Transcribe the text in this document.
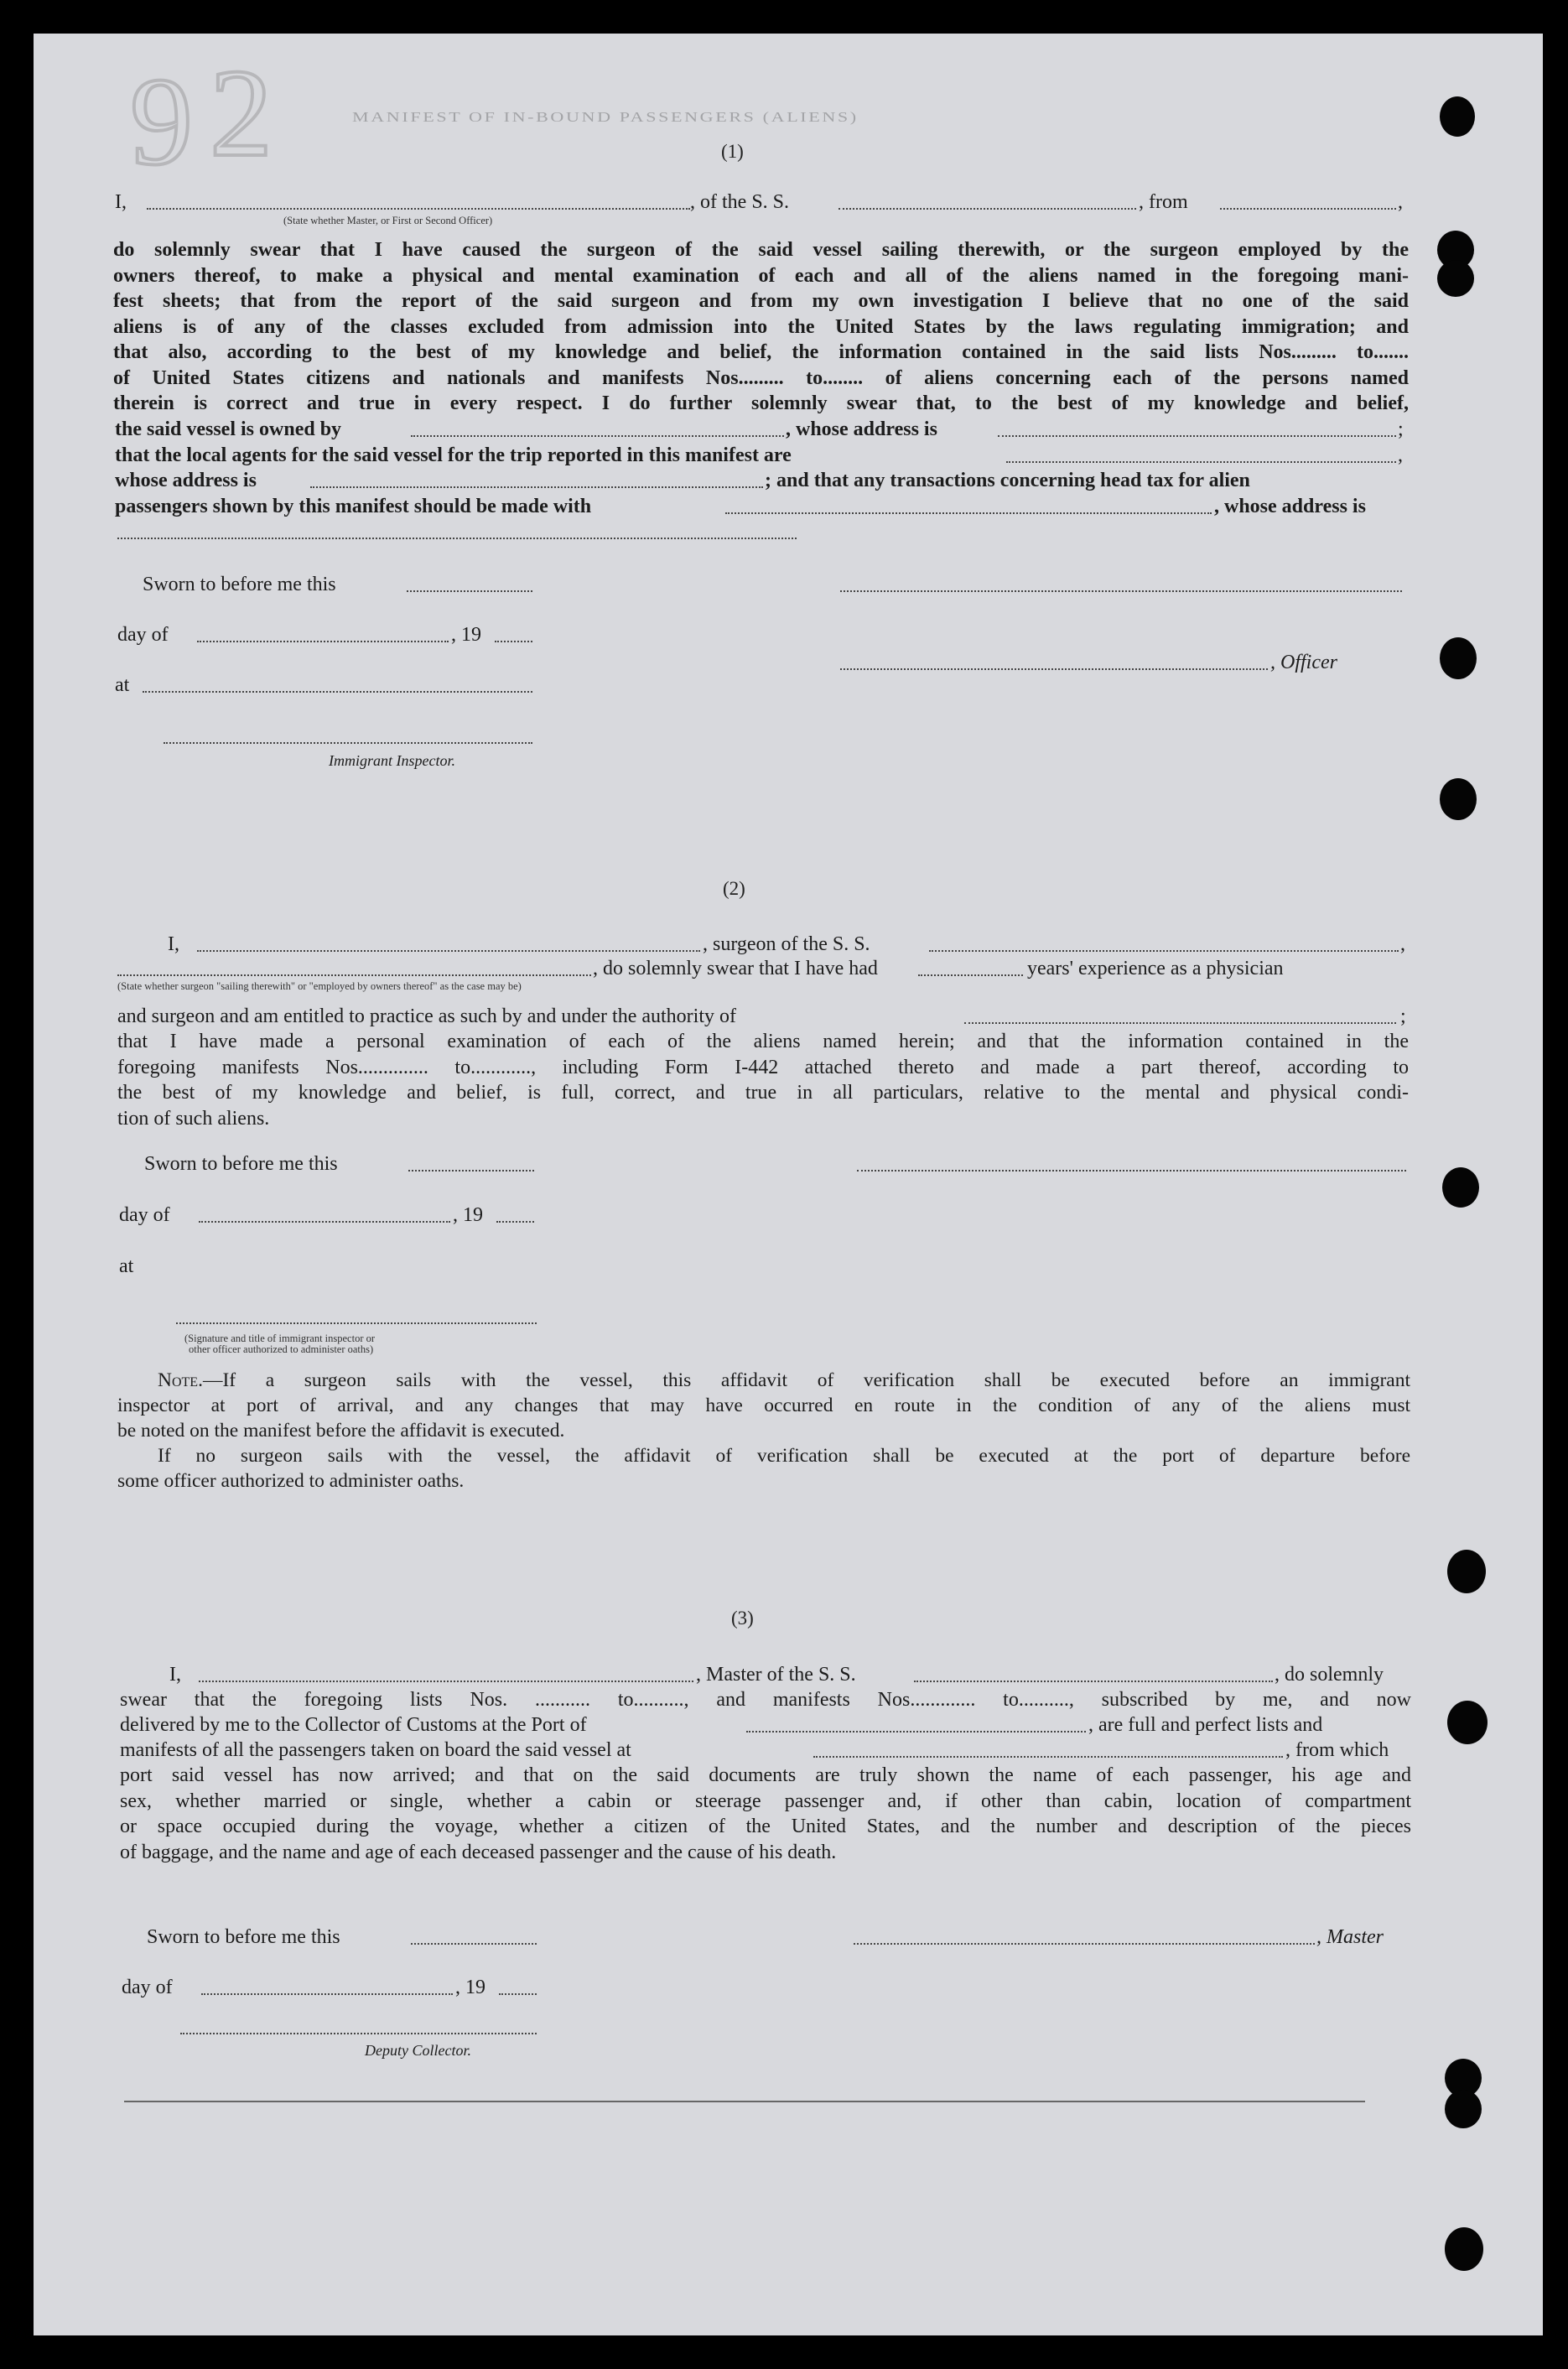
9 2	MANIFEST OF IN-BOUND PASSENGERS (ALIENS)
(1)
I,	, of the S. S.	, from	,
(State whether Master, or First or Second Officer)
do solemnly swear that I have caused the surgeon of the said vessel sailing therewith, or the surgeon employed by the
owners thereof, to make a physical and mental examination of each and all of the aliens named in the foregoing mani-
fest sheets; that from the report of the said surgeon and from my own investigation I believe that no one of the said
aliens is of any of the classes excluded from admission into the United States by the laws regulating immigration; and
that also, according to the best of my knowledge and belief, the information contained in the said lists Nos......... to.......
of United States citizens and nationals and manifests Nos......... to........ of aliens concerning each of the persons named
therein is correct and true in every respect. I do further solemnly swear that, to the best of my knowledge and belief,
the said vessel is owned by	, whose address is	;
that the local agents for the said vessel for the trip reported in this manifest are	,
whose address is	; and that any transactions concerning head tax for alien
passengers shown by this manifest should be made with	, whose address is
Sworn to before me this
day of	, 19
, Officer
at
Immigrant Inspector.
(2)
I,	, surgeon of the S. S.	,
, do solemnly swear that I have had	years' experience as a physician
(State whether surgeon "sailing therewith" or "employed by owners thereof" as the case may be)
and surgeon and am entitled to practice as such by and under the authority of	;
that I have made a personal examination of each of the aliens named herein; and that the information contained in the
foregoing manifests Nos.............. to............, including Form I-442 attached thereto and made a part thereof, according to
the best of my knowledge and belief, is full, correct, and true in all particulars, relative to the mental and physical condi-
tion of such aliens.
Sworn to before me this
day of	, 19
at
(Signature and title of immigrant inspector or
other officer authorized to administer oaths)
Note.—If a surgeon sails with the vessel, this affidavit of verification shall be executed before an immigrant
inspector at port of arrival, and any changes that may have occurred en route in the condition of any of the aliens must
be noted on the manifest before the affidavit is executed.
If no surgeon sails with the vessel, the affidavit of verification shall be executed at the port of departure before
some officer authorized to administer oaths.
(3)
I,	, Master of the S. S.	, do solemnly
swear that the foregoing lists Nos. ........... to.........., and manifests Nos............. to.........., subscribed by me, and now
delivered by me to the Collector of Customs at the Port of	, are full and perfect lists and
manifests of all the passengers taken on board the said vessel at	, from which
port said vessel has now arrived; and that on the said documents are truly shown the name of each passenger, his age and
sex, whether married or single, whether a cabin or steerage passenger and, if other than cabin, location of compartment
or space occupied during the voyage, whether a citizen of the United States, and the number and description of the pieces
of baggage, and the name and age of each deceased passenger and the cause of his death.
Sworn to before me this	, Master
day of	, 19
Deputy Collector.
